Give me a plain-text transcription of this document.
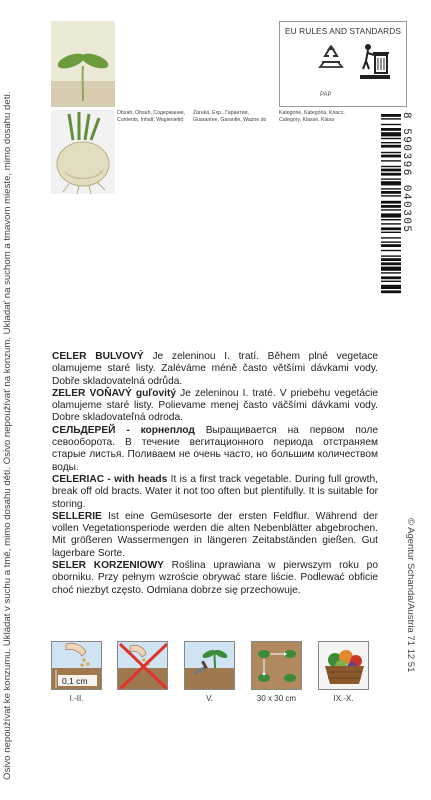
Osivo nepoužívat ke konzumu. Ukládat v suchu a tmě, mimo dosahu dětí. Osivo nepoužívať na konzum. Ukladať na suchom a tmavom mieste, mimo dosahu detí.	© Agentur Schanda/Austria 71 12 51
EU RULES AND STANDARDS
PAP
Obsah, Obsah, Содержание,
Contents, Inhalt, Wagieniettó
Záruka, Exp., Гарантия,
Guarantee, Garantie, Ważne do
Kategorie, Kategória, Класс,
Category, Klasse, Klasa	8 590396 040305

CELER BULVOVÝ Je zeleninou I. tratí. Během plné vegetace olamujeme staré listy. Zaléváme méně často většími dávkami vody. Dobře skladovatelná odrůda.

ZELER VOŇAVÝ guľovitý Je zeleninou I. traté. V priebehu vegetácie olamujeme staré listy. Polievame menej často väčšími dávkami vody. Dobre skladovateľná odroda.

СЕЛЬДЕРЕЙ - корнеплод Выращивается на первом поле севооборота. В течение вегитационного периода отстраняем старые листья. Поливаем не очень часто, но большим количеством воды.

CELERIAC - with heads It is a first track vegetable. During full growth, break off old bracts. Water it not too often but plentifully. It is suitable for storing.

SELLERIE Ist eine Gemüsesorte der ersten Feldflur. Während der vollen Vegetationsperiode werden die alten Nebenblätter abgebrochen. Mit größeren Wassermengen in längeren Zeitabständen gießen. Gut lagerbare Sorte.

SELER KORZENIOWY Roślina uprawiana w pierwszym roku po oborniku. Przy pełnym wzroście obrywać stare liście. Podlewać obficie choć niezbyt często. Odmiana dobrze się przechowuje.

0,1 cm
I.-II.	V.	30 x 30 cm	IX.-X.
